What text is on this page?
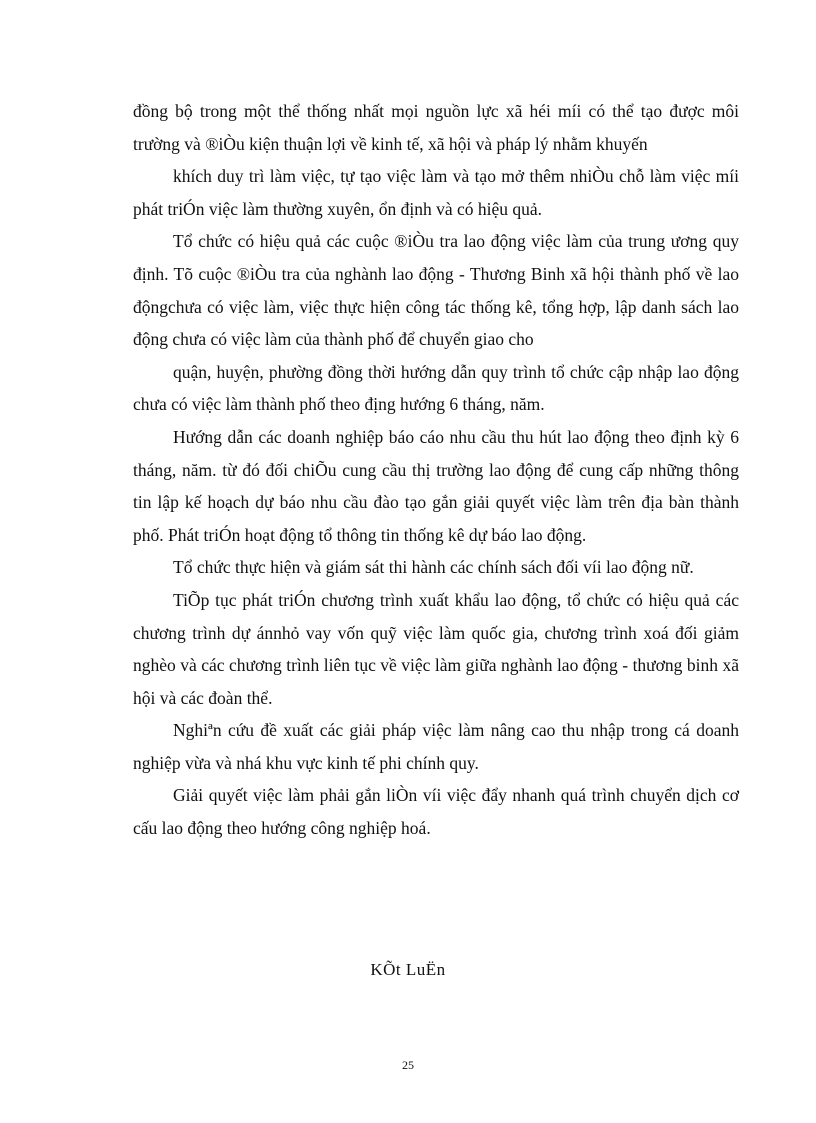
đồng bộ trong một thể thống nhất mọi nguồn lực xã héi míi có thể tạo được môi trường và ®iÒu kiện thuận lợi về kinh tế, xã hội và pháp lý nhằm khuyến

khích duy trì làm việc, tự tạo việc làm và tạo mở thêm nhiÒu chỗ làm việc míi phát triÓn việc làm thường xuyên, ổn định và có hiệu quả.

Tổ chức có hiệu quả các cuộc ®iÒu tra lao động việc làm của trung ương quy định. Tõ cuộc ®iÒu tra của nghành lao động - Thương Binh xã hội thành phố về lao độngchưa có việc làm, việc thực hiện công tác thống kê, tổng hợp, lập danh sách lao động chưa có việc làm của thành phố để chuyển giao cho

quận, huyện, phường đồng thời hướng dẫn quy trình tổ chức cập nhập lao động chưa có việc làm thành phố theo địng hướng 6 tháng, năm.

Hướng dẫn các doanh nghiệp báo cáo nhu cầu thu hút lao động theo định kỳ 6 tháng, năm. từ đó đối chiÕu cung cầu thị trường lao động để cung cấp những thông tin lập kế hoạch dự báo nhu cầu đào tạo gắn giải quyết việc làm trên địa bàn thành phố. Phát triÓn hoạt động tổ thông tin thống kê dự báo lao động.

Tổ chức thực hiện và giám sát thi hành các chính sách đối víi lao động nữ.

TiÕp tục phát triÓn chương trình xuất khẩu lao động, tổ chức có hiệu quả các chương trình dự ánnhỏ vay vốn quỹ việc làm quốc gia, chương trình xoá đối giảm nghèo và các chương trình liên tục về việc làm giữa nghành lao động - thương binh xã hội và các đoàn thể.

Nghiªn cứu đề xuất các giải pháp việc làm nâng cao thu nhập trong cá doanh nghiệp vừa và nhá khu vực kinh tế phi chính quy.

Giải quyết việc làm phải gắn liÒn víi việc đẩy nhanh quá trình chuyển dịch cơ cấu lao động theo hướng công nghiệp hoá.

KÕt LuËn
25
